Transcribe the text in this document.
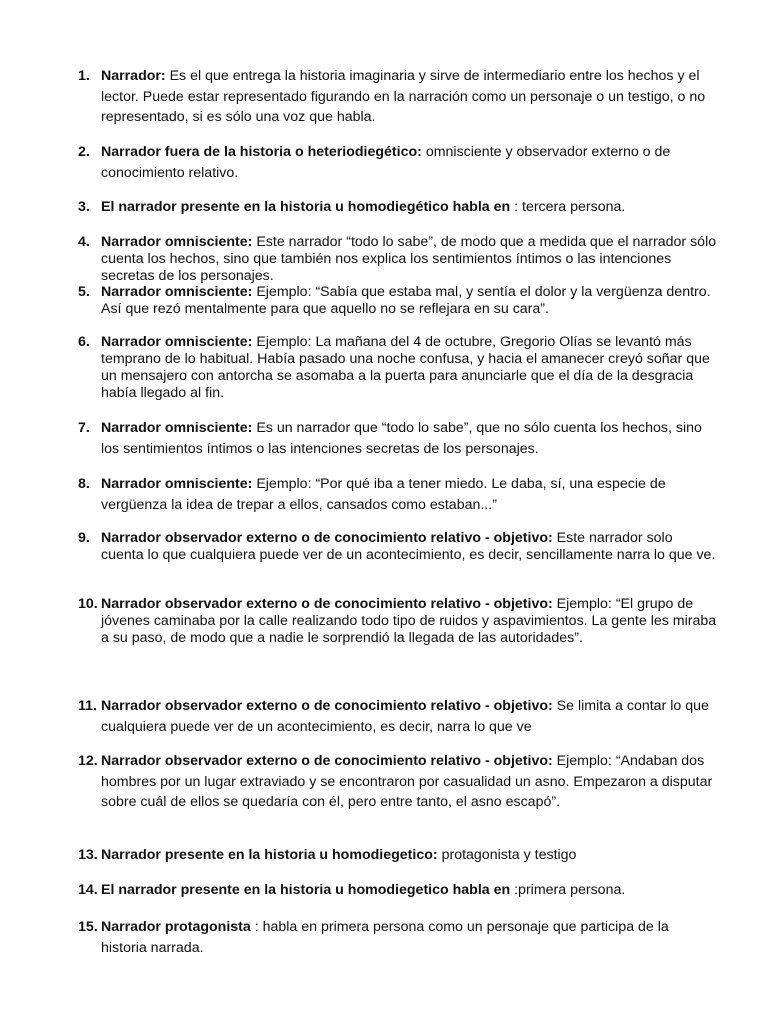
1. Narrador: Es el que entrega la historia imaginaria y sirve de intermediario entre los hechos y el lector. Puede estar representado figurando en la narración como un personaje o un testigo, o no representado, si es sólo una voz que habla.
2. Narrador fuera de la historia o heteriodiegético: omnisciente y observador externo o de conocimiento relativo.
3. El narrador presente en la historia u homodiegético habla en : tercera persona.
4. Narrador omnisciente: Este narrador “todo lo sabe”, de modo que a medida que el narrador sólo cuenta los hechos, sino que también nos explica los sentimientos íntimos o las intenciones secretas de los personajes.
5. Narrador omnisciente: Ejemplo: “Sabía que estaba mal, y sentía el dolor y la vergüenza dentro. Así que rezó mentalmente para que aquello no se reflejara en su cara”.
6. Narrador omnisciente: Ejemplo: La mañana del 4 de octubre, Gregorio Olías se levantó más temprano de lo habitual. Había pasado una noche confusa, y hacia el amanecer creyó soñar que un mensajero con antorcha se asomaba a la puerta para anunciarle que el día de la desgracia había llegado al fin.
7. Narrador omnisciente: Es un narrador que “todo lo sabe”, que no sólo cuenta los hechos, sino los sentimientos íntimos o las intenciones secretas de los personajes.
8. Narrador omnisciente: Ejemplo: “Por qué iba a tener miedo. Le daba, sí, una especie de vergüenza la idea de trepar a ellos, cansados como estaban...”
9. Narrador observador externo o de conocimiento relativo - objetivo: Este narrador solo cuenta lo que cualquiera puede ver de un acontecimiento, es decir, sencillamente narra lo que ve.
10. Narrador observador externo o de conocimiento relativo - objetivo: Ejemplo: “El grupo de jóvenes caminaba por la calle realizando todo tipo de ruidos y aspavimientos. La gente les miraba a su paso, de modo que a nadie le sorprendió la llegada de las autoridades”.
11. Narrador observador externo o de conocimiento relativo - objetivo: Se limita a contar lo que cualquiera puede ver de un acontecimiento, es decir, narra lo que ve
12. Narrador observador externo o de conocimiento relativo - objetivo: Ejemplo: “Andaban dos hombres por un lugar extraviado y se encontraron por casualidad un asno. Empezaron a disputar sobre cuál de ellos se quedaría con él, pero entre tanto, el asno escapó”.
13. Narrador presente en la historia u homodiegetico: protagonista y testigo
14. El narrador presente en la historia u homodiegetico habla en :primera persona.
15. Narrador protagonista : habla en primera persona como un personaje que participa de la historia narrada.
